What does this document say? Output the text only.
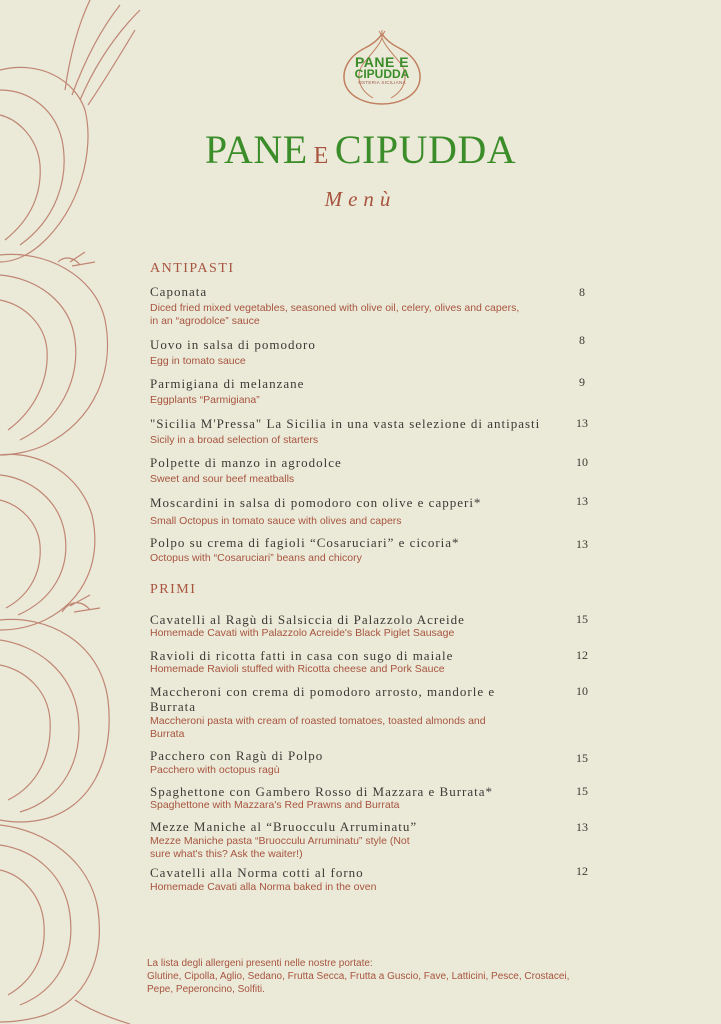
PANE E
CIPUDDA
OSTERIA SICILIANA
PANE E CIPUDDA
Menù
ANTIPASTI
Caponata
Diced fried mixed vegetables, seasoned with olive oil, celery, olives and capers, in an “agrodolce” sauce
8
Uovo in salsa di pomodoro
Egg in tomato sauce
8
Parmigiana di melanzane
Eggplants “Parmigiana”
9
"Sicilia M'Pressa" La Sicilia in una vasta selezione di antipasti
Sicily in a broad selection of starters
13
Polpette di manzo in agrodolce
Sweet and sour beef meatballs
10
Moscardini in salsa di pomodoro con olive e capperi*
Small Octopus in tomato sauce with olives and capers
13
Polpo su crema di fagioli “Cosaruciari” e cicoria*
Octopus with “Cosaruciari” beans and chicory
13
PRIMI
Cavatelli al Ragù di Salsiccia di Palazzolo Acreide
Homemade Cavati with Palazzolo Acreide's Black Piglet Sausage
15
Ravioli di ricotta fatti in casa con sugo di maiale
Homemade Ravioli stuffed with Ricotta cheese and Pork Sauce
12
Maccheroni con crema di pomodoro arrosto, mandorle e Burrata
Maccheroni pasta with cream of roasted tomatoes, toasted almonds and Burrata
10
Pacchero con Ragù di Polpo
Pacchero with octopus ragù
15
Spaghettone con Gambero Rosso di Mazzara e Burrata*
Spaghettone with Mazzara's Red Prawns and Burrata
15
Mezze Maniche al “Bruocculu Arruminatu”
Mezze Maniche pasta “Bruocculu Arruminatu” style (Not sure what's this? Ask the waiter!)
13
Cavatelli alla Norma cotti al forno
Homemade Cavati alla Norma baked in the oven
12
La lista degli allergeni presenti nelle nostre portate:
Glutine, Cipolla, Aglio, Sedano, Frutta Secca, Frutta a Guscio, Fave, Latticini, Pesce, Crostacei, Pepe, Peperoncino, Solfiti.
